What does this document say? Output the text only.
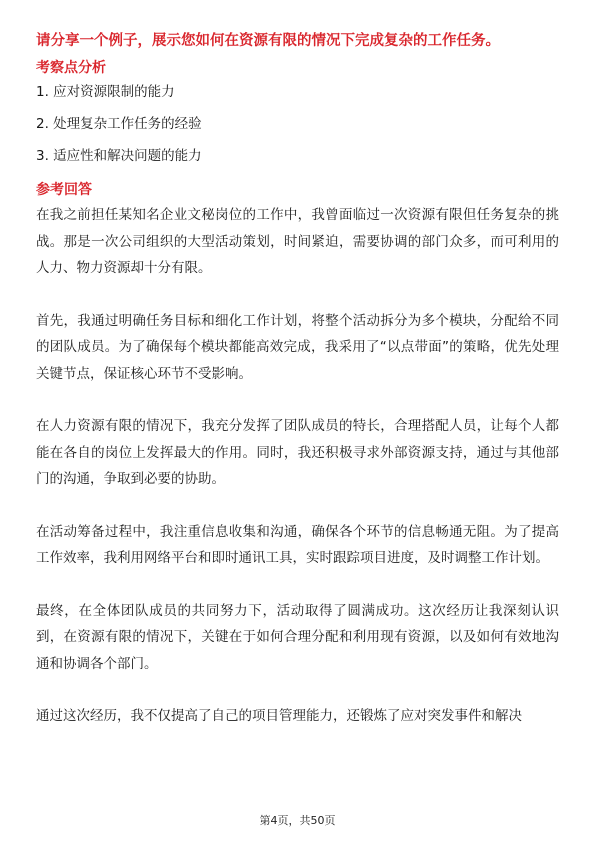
请分享一个例子，展示您如何在资源有限的情况下完成复杂的工作任务。
考察点分析
1. 应对资源限制的能力
2. 处理复杂工作任务的经验
3. 适应性和解决问题的能力
参考回答

在我之前担任某知名企业文秘岗位的工作中，我曾面临过一次资源有限但任务复杂的挑战。那是一次公司组织的大型活动策划，时间紧迫，需要协调的部门众多，而可利用的人力、物力资源却十分有限。

首先，我通过明确任务目标和细化工作计划，将整个活动拆分为多个模块，分配给不同的团队成员。为了确保每个模块都能高效完成，我采用了“以点带面”的策略，优先处理关键节点，保证核心环节不受影响。

在人力资源有限的情况下，我充分发挥了团队成员的特长，合理搭配人员，让每个人都能在各自的岗位上发挥最大的作用。同时，我还积极寻求外部资源支持，通过与其他部门的沟通，争取到必要的协助。

在活动筹备过程中，我注重信息收集和沟通，确保各个环节的信息畅通无阻。为了提高工作效率，我利用网络平台和即时通讯工具，实时跟踪项目进度，及时调整工作计划。

最终，在全体团队成员的共同努力下，活动取得了圆满成功。这次经历让我深刻认识到，在资源有限的情况下，关键在于如何合理分配和利用现有资源，以及如何有效地沟通和协调各个部门。

通过这次经历，我不仅提高了自己的项目管理能力，还锻炼了应对突发事件和解决

第4页，共50页
